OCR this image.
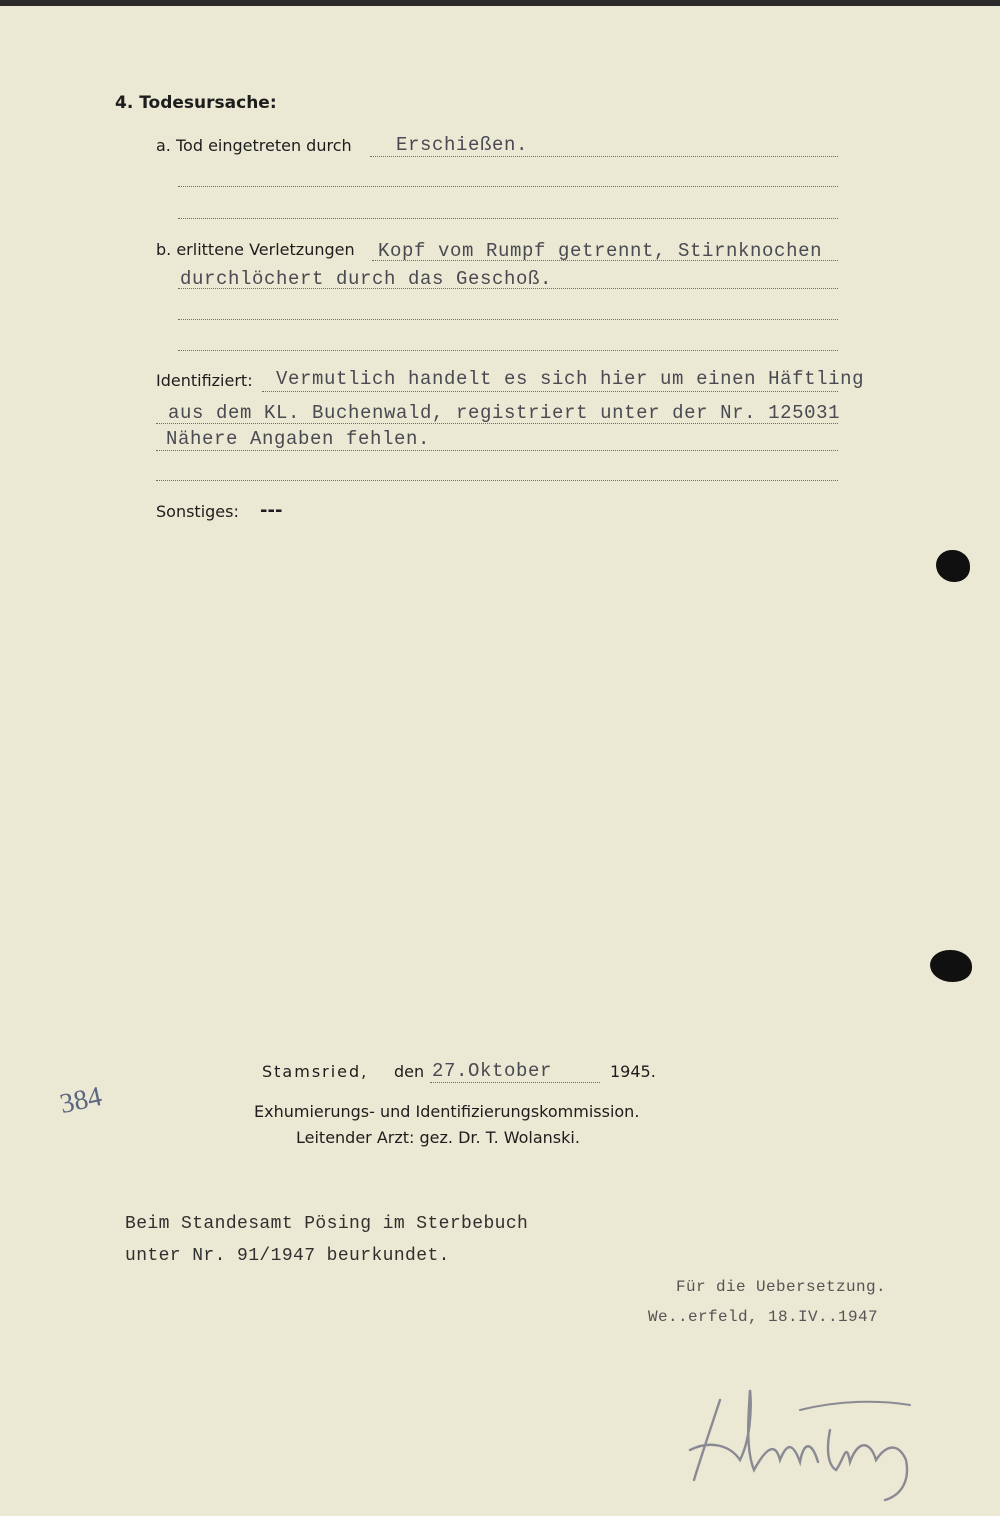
4. Todesursache:
a. Tod eingetreten durch Erschießen.
b. erlittene Verletzungen Kopf vom Rumpf getrennt, Stirnknochen
durchlöchert durch das Geschoß.
Identifiziert: Vermutlich handelt es sich hier um einen Häftling
aus dem KL. Buchenwald, registriert unter der Nr. 125031
Nähere Angaben fehlen.
Sonstiges: ---
Stamsried, den 27.Oktober	1945.
Exhumierungs- und Identifizierungskommission.
Leitender Arzt: gez. Dr. T. Wolanski.
384
Beim Standesamt Pösing im Sterbebuch
unter Nr. 91/1947 beurkundet.
Für die Uebersetzung.
We..erfeld, 18.IV..1947
